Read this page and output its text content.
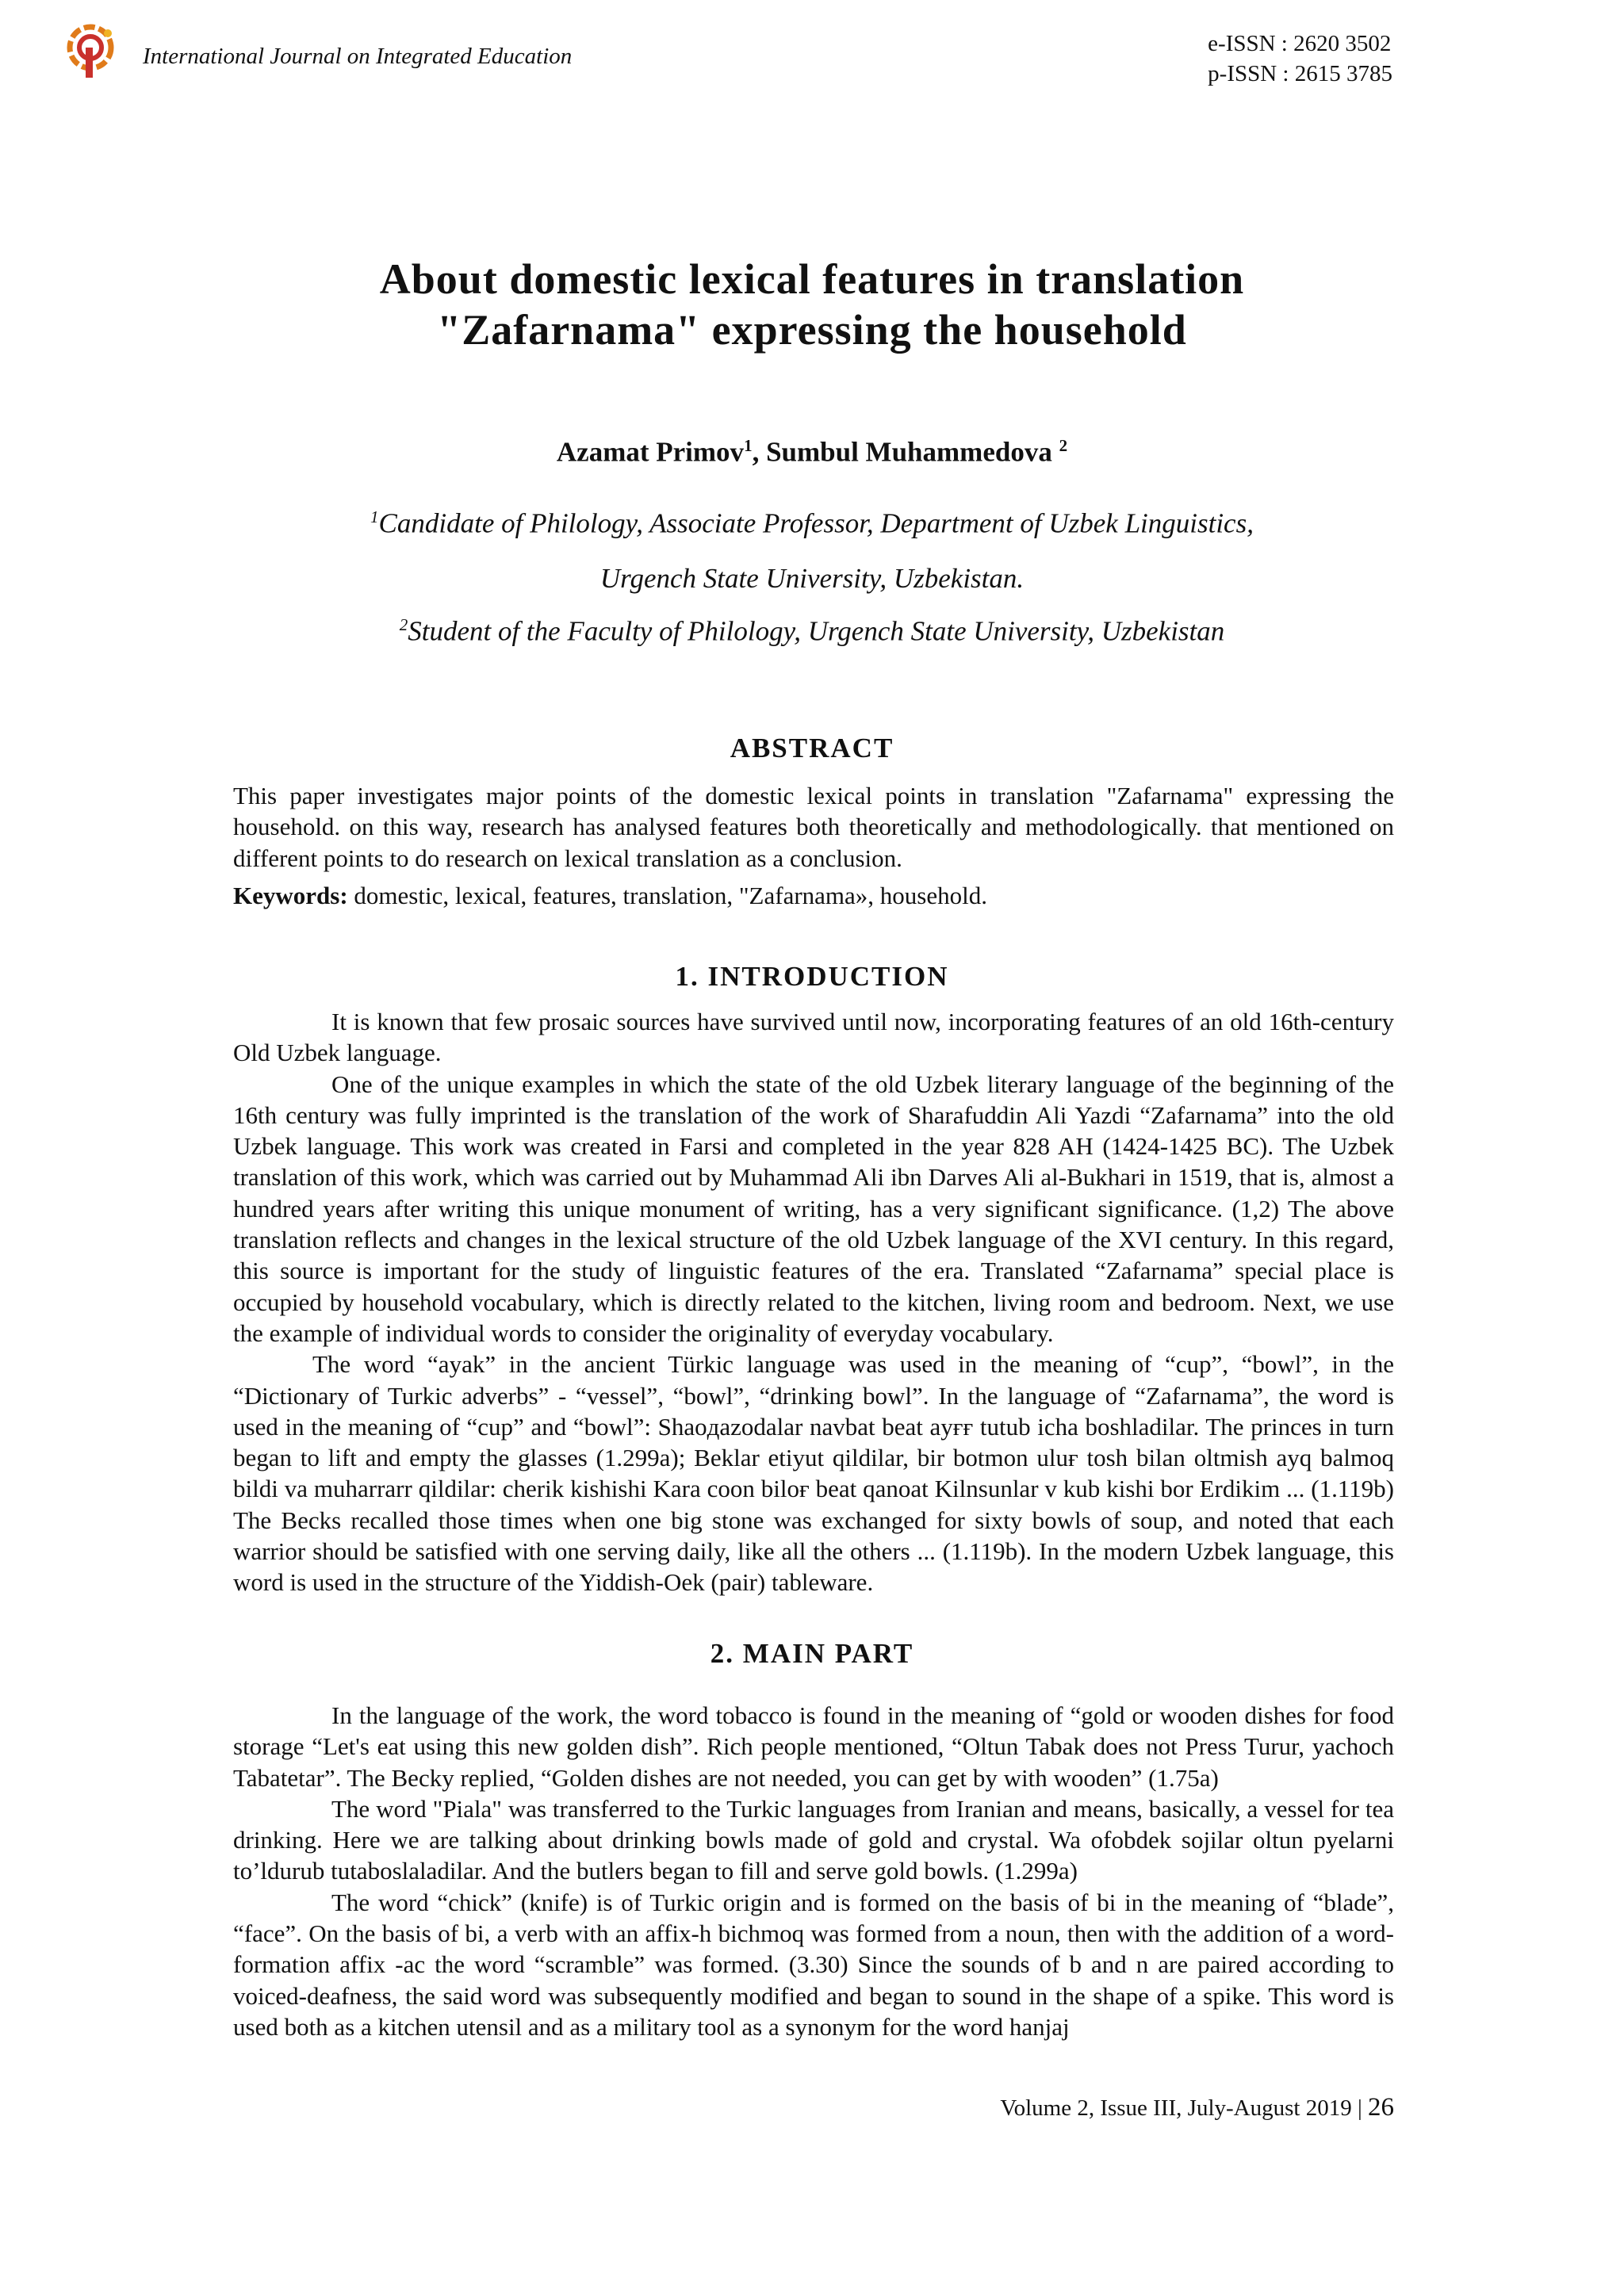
International Journal on Integrated Education	e-ISSN : 2620 3502
p-ISSN : 2615 3785
About domestic lexical features in translation
"Zafarnama" expressing the household
Azamat Primov$^1$, Sumbul Muhammedova $^2$
$^1$Candidate of Philology, Associate Professor, Department of Uzbek Linguistics,
Urgench State University, Uzbekistan.
$^2$Student of the Faculty of Philology, Urgench State University, Uzbekistan
ABSTRACT

This paper investigates major points of the domestic lexical points in translation "Zafarnama" expressing the household. on this way, research has analysed features both theoretically and methodologically. that mentioned on different points to do research on lexical translation as a conclusion.

Keywords: domestic, lexical, features, translation, "Zafarnama», household.

1. INTRODUCTION

It is known that few prosaic sources have survived until now, incorporating features of an old 16th-century Old Uzbek language.

One of the unique examples in which the state of the old Uzbek literary language of the beginning of the 16th century was fully imprinted is the translation of the work of Sharafuddin Ali Yazdi “Zafarnama” into the old Uzbek language. This work was created in Farsi and completed in the year 828 AH (1424-1425 BC). The Uzbek translation of this work, which was carried out by Muhammad Ali ibn Darves Ali al-Bukhari in 1519, that is, almost a hundred years after writing this unique monument of writing, has a very significant significance. (1,2) The above translation reflects and changes in the lexical structure of the old Uzbek language of the XVI century. In this regard, this source is important for the study of linguistic features of the era. Translated “Zafarnama” special place is occupied by household vocabulary, which is directly related to the kitchen, living room and bedroom. Next, we use the example of individual words to consider the originality of everyday vocabulary.

The word “ayak” in the ancient Türkic language was used in the meaning of “cup”, “bowl”, in the “Dictionary of Turkic adverbs” - “vessel”, “bowl”, “drinking bowl”. In the language of “Zafarnama”, the word is used in the meaning of “cup” and “bowl”: Shaoдazodalar navbat beat ayғғ tutub icha boshladilar. The princes in turn began to lift and empty the glasses (1.299a); Beklar etiyut qildilar, bir botmon uluғ tosh bilan oltmish ayq balmoq bildi va muharrarr qildilar: cherik kishishi Kara coon biloғ beat qanoat Kilnsunlar v kub kishi bor Erdikim ... (1.119b) The Becks recalled those times when one big stone was exchanged for sixty bowls of soup, and noted that each warrior should be satisfied with one serving daily, like all the others ... (1.119b). In the modern Uzbek language, this word is used in the structure of the Yiddish-Oek (pair) tableware.

2. MAIN PART

In the language of the work, the word tobacco is found in the meaning of “gold or wooden dishes for food storage “Let's eat using this new golden dish”. Rich people mentioned, “Oltun Tabak does not Press Turur, yachoch Tabatetar”. The Becky replied, “Golden dishes are not needed, you can get by with wooden” (1.75a)

The word "Piala" was transferred to the Turkic languages from Iranian and means, basically, a vessel for tea drinking. Here we are talking about drinking bowls made of gold and crystal. Wa ofobdek sojilar oltun pyelarni to’ldurub tutaboslaladilar. And the butlers began to fill and serve gold bowls. (1.299a)

The word “chick” (knife) is of Turkic origin and is formed on the basis of bi in the meaning of “blade”, “face”. On the basis of bi, a verb with an affix-h bichmoq was formed from a noun, then with the addition of a word-formation affix -ac the word “scramble” was formed. (3.30) Since the sounds of b and n are paired according to voiced-deafness, the said word was subsequently modified and began to sound in the shape of a spike. This word is used both as a kitchen utensil and as a military tool as a synonym for the word hanjaj

Volume 2, Issue III, July-August 2019 | 26
